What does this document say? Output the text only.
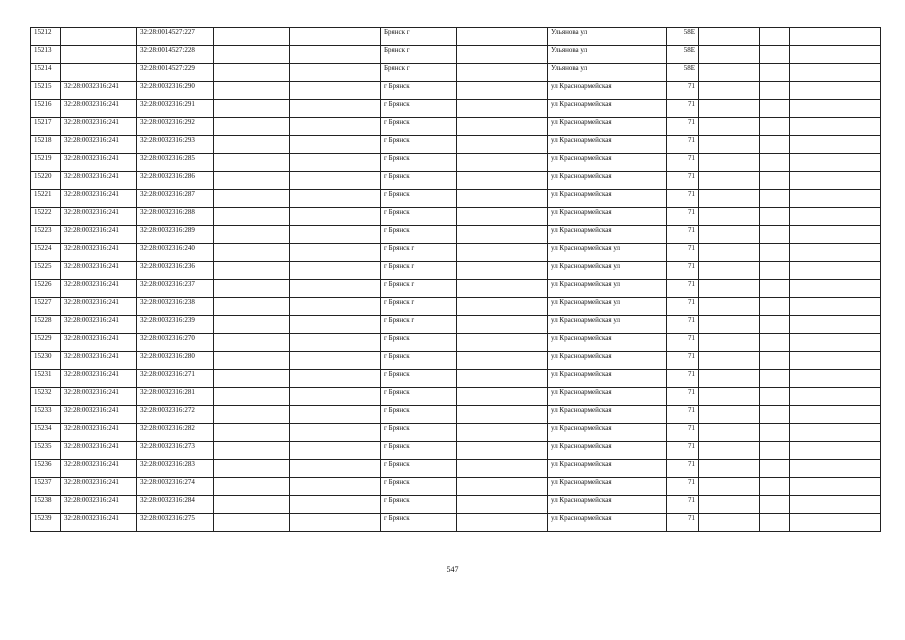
15212		32:28:0014527:227			Брянск г		Ульянова ул	58Е			
15213		32:28:0014527:228			Брянск г		Ульянова ул	58Е			
15214		32:28:0014527:229			Брянск г		Ульянова ул	58Е			
15215	32:28:0032316:241	32:28:0032316:290			г Брянск		ул Красноармейская	71			
15216	32:28:0032316:241	32:28:0032316:291			г Брянск		ул Красноармейская	71			
15217	32:28:0032316:241	32:28:0032316:292			г Брянск		ул Красноармейская	71			
15218	32:28:0032316:241	32:28:0032316:293			г Брянск		ул Красноармейская	71			
15219	32:28:0032316:241	32:28:0032316:285			г Брянск		ул Красноармейская	71			
15220	32:28:0032316:241	32:28:0032316:286			г Брянск		ул Красноармейская	71			
15221	32:28:0032316:241	32:28:0032316:287			г Брянск		ул Красноармейская	71			
15222	32:28:0032316:241	32:28:0032316:288			г Брянск		ул Красноармейская	71			
15223	32:28:0032316:241	32:28:0032316:289			г Брянск		ул Красноармейская	71			
15224	32:28:0032316:241	32:28:0032316:240			г Брянск г		ул Красноармейская ул	71			
15225	32:28:0032316:241	32:28:0032316:236			г Брянск г		ул Красноармейская ул	71			
15226	32:28:0032316:241	32:28:0032316:237			г Брянск г		ул Красноармейская ул	71			
15227	32:28:0032316:241	32:28:0032316:238			г Брянск г		ул Красноармейская ул	71			
15228	32:28:0032316:241	32:28:0032316:239			г Брянск г		ул Красноармейская ул	71			
15229	32:28:0032316:241	32:28:0032316:270			г Брянск		ул Красноармейская	71			
15230	32:28:0032316:241	32:28:0032316:280			г Брянск		ул Красноармейская	71			
15231	32:28:0032316:241	32:28:0032316:271			г Брянск		ул Красноармейская	71			
15232	32:28:0032316:241	32:28:0032316:281			г Брянск		ул Красноармейская	71			
15233	32:28:0032316:241	32:28:0032316:272			г Брянск		ул Красноармейская	71			
15234	32:28:0032316:241	32:28:0032316:282			г Брянск		ул Красноармейская	71			
15235	32:28:0032316:241	32:28:0032316:273			г Брянск		ул Красноармейская	71			
15236	32:28:0032316:241	32:28:0032316:283			г Брянск		ул Красноармейская	71			
15237	32:28:0032316:241	32:28:0032316:274			г Брянск		ул Красноармейская	71			
15238	32:28:0032316:241	32:28:0032316:284			г Брянск		ул Красноармейская	71			
15239	32:28:0032316:241	32:28:0032316:275			г Брянск		ул Красноармейская	71			
547
